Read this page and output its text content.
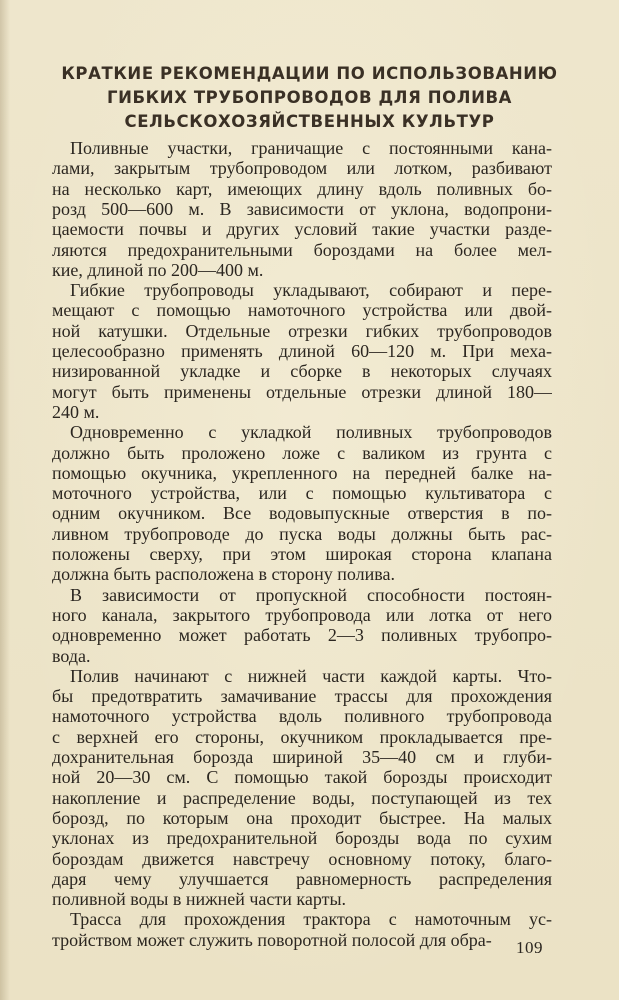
КРАТКИЕ РЕКОМЕНДАЦИИ ПО ИСПОЛЬЗОВАНИЮ
ГИБКИХ ТРУБОПРОВОДОВ ДЛЯ ПОЛИВА
СЕЛЬСКОХОЗЯЙСТВЕННЫХ КУЛЬТУР
Поливные участки, граничащие с постоянными кана-
лами, закрытым трубопроводом или лотком, разбивают
на несколько карт, имеющих длину вдоль поливных бо-
розд 500—600 м. В зависимости от уклона, водопрони-
цаемости почвы и других условий такие участки разде-
ляются предохранительными бороздами на более мел-
кие, длиной по 200—400 м.
Гибкие трубопроводы укладывают, собирают и пере-
мещают с помощью намоточного устройства или двой-
ной катушки. Отдельные отрезки гибких трубопроводов
целесообразно применять длиной 60—120 м. При меха-
низированной укладке и сборке в некоторых случаях
могут быть применены отдельные отрезки длиной 180—
240 м.
Одновременно с укладкой поливных трубопроводов
должно быть проложено ложе с валиком из грунта с
помощью окучника, укрепленного на передней балке на-
моточного устройства, или с помощью культиватора с
одним окучником. Все водовыпускные отверстия в по-
ливном трубопроводе до пуска воды должны быть рас-
положены сверху, при этом широкая сторона клапана
должна быть расположена в сторону полива.
В зависимости от пропускной способности постоян-
ного канала, закрытого трубопровода или лотка от него
одновременно может работать 2—3 поливных трубопро-
вода.
Полив начинают с нижней части каждой карты. Что-
бы предотвратить замачивание трассы для прохождения
намоточного устройства вдоль поливного трубопровода
с верхней его стороны, окучником прокладывается пре-
дохранительная борозда шириной 35—40 см и глуби-
ной 20—30 см. С помощью такой борозды происходит
накопление и распределение воды, поступающей из тех
борозд, по которым она проходит быстрее. На малых
уклонах из предохранительной борозды вода по сухим
бороздам движется навстречу основному потоку, благо-
даря чему улучшается равномерность распределения
поливной воды в нижней части карты.
Трасса для прохождения трактора с намоточным ус-
тройством может служить поворотной полосой для обра-	109
